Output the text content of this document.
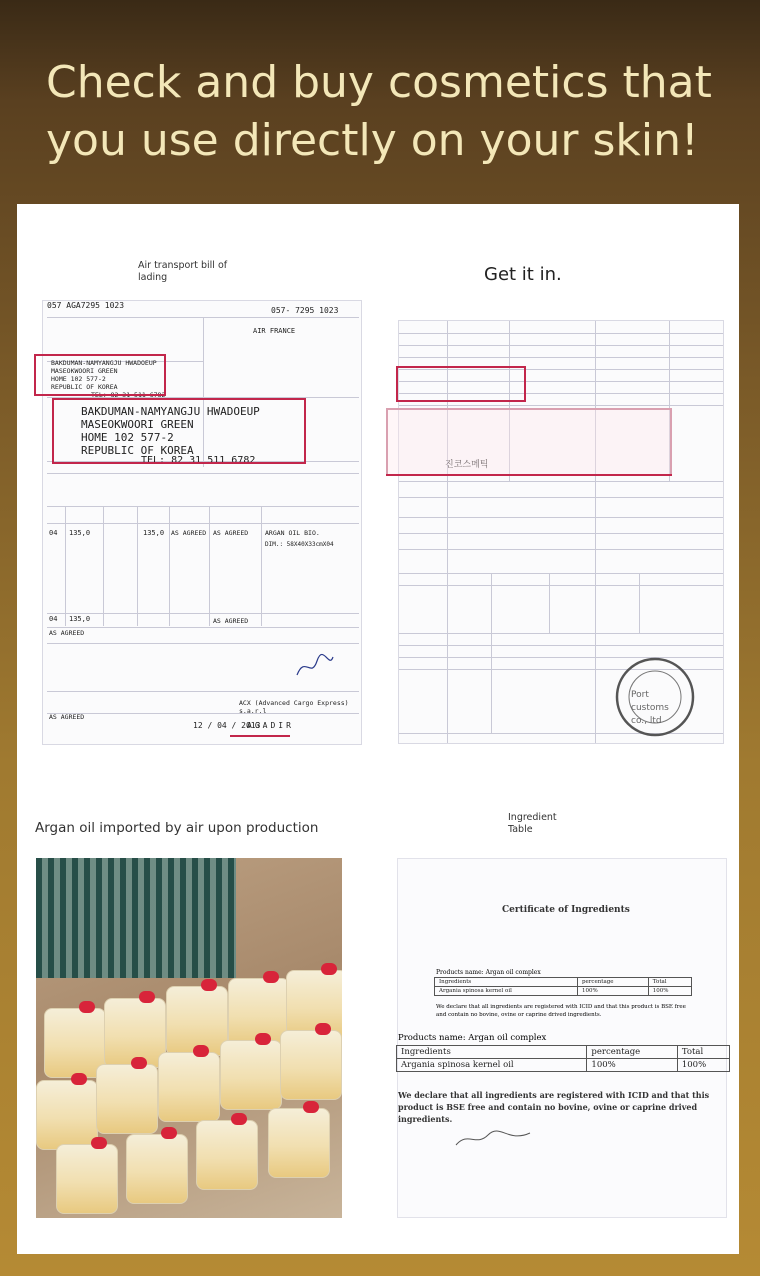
Check and buy cosmetics that
you use directly on your skin!
Air transport bill of lading	Get it in.
Argan oil imported by air upon production
Ingredient Table
057 AGA7295 1023
057- 7295 1023
AIR FRANCE
BAKDUMAN-NAMYANGJU HWADOEUP
MASEOKWOORI GREEN
HOME 102 577-2
REPUBLIC OF KOREA
TEL: 82 31 511 6782
BAKDUMAN-NAMYANGJU HWADOEUP
MASEOKWOORI GREEN
HOME 102 577-2
REPUBLIC OF KOREA
TEL: 82 31 511 6782
04 135,0	135,0 AS AGREED AS AGREED	ARGAN OIL BIO.
DIM.: 58X40X33cmX04
04 135,0	AS AGREED
AS AGREED
AS AGREED
ACX (Advanced Cargo Express) s.a.r.l
12 / 04 / 2013
AGADIR
진코스메틱
Port customs co., ltd
Certificate of Ingredients
Products name: Argan oil complex
Ingredients	percentage	Total
Argania spinosa kernel oil	100%	100%
We declare that all ingredients are registered with ICID and that this product is BSE free and contain no bovine, ovine or caprine drived ingredients.
Products name: Argan oil complex
Ingredients	percentage	Total
Argania spinosa kernel oil	100%	100%
We declare that all ingredients are registered with ICID and that this product is BSE free and contain no bovine, ovine or caprine drived ingredients.
